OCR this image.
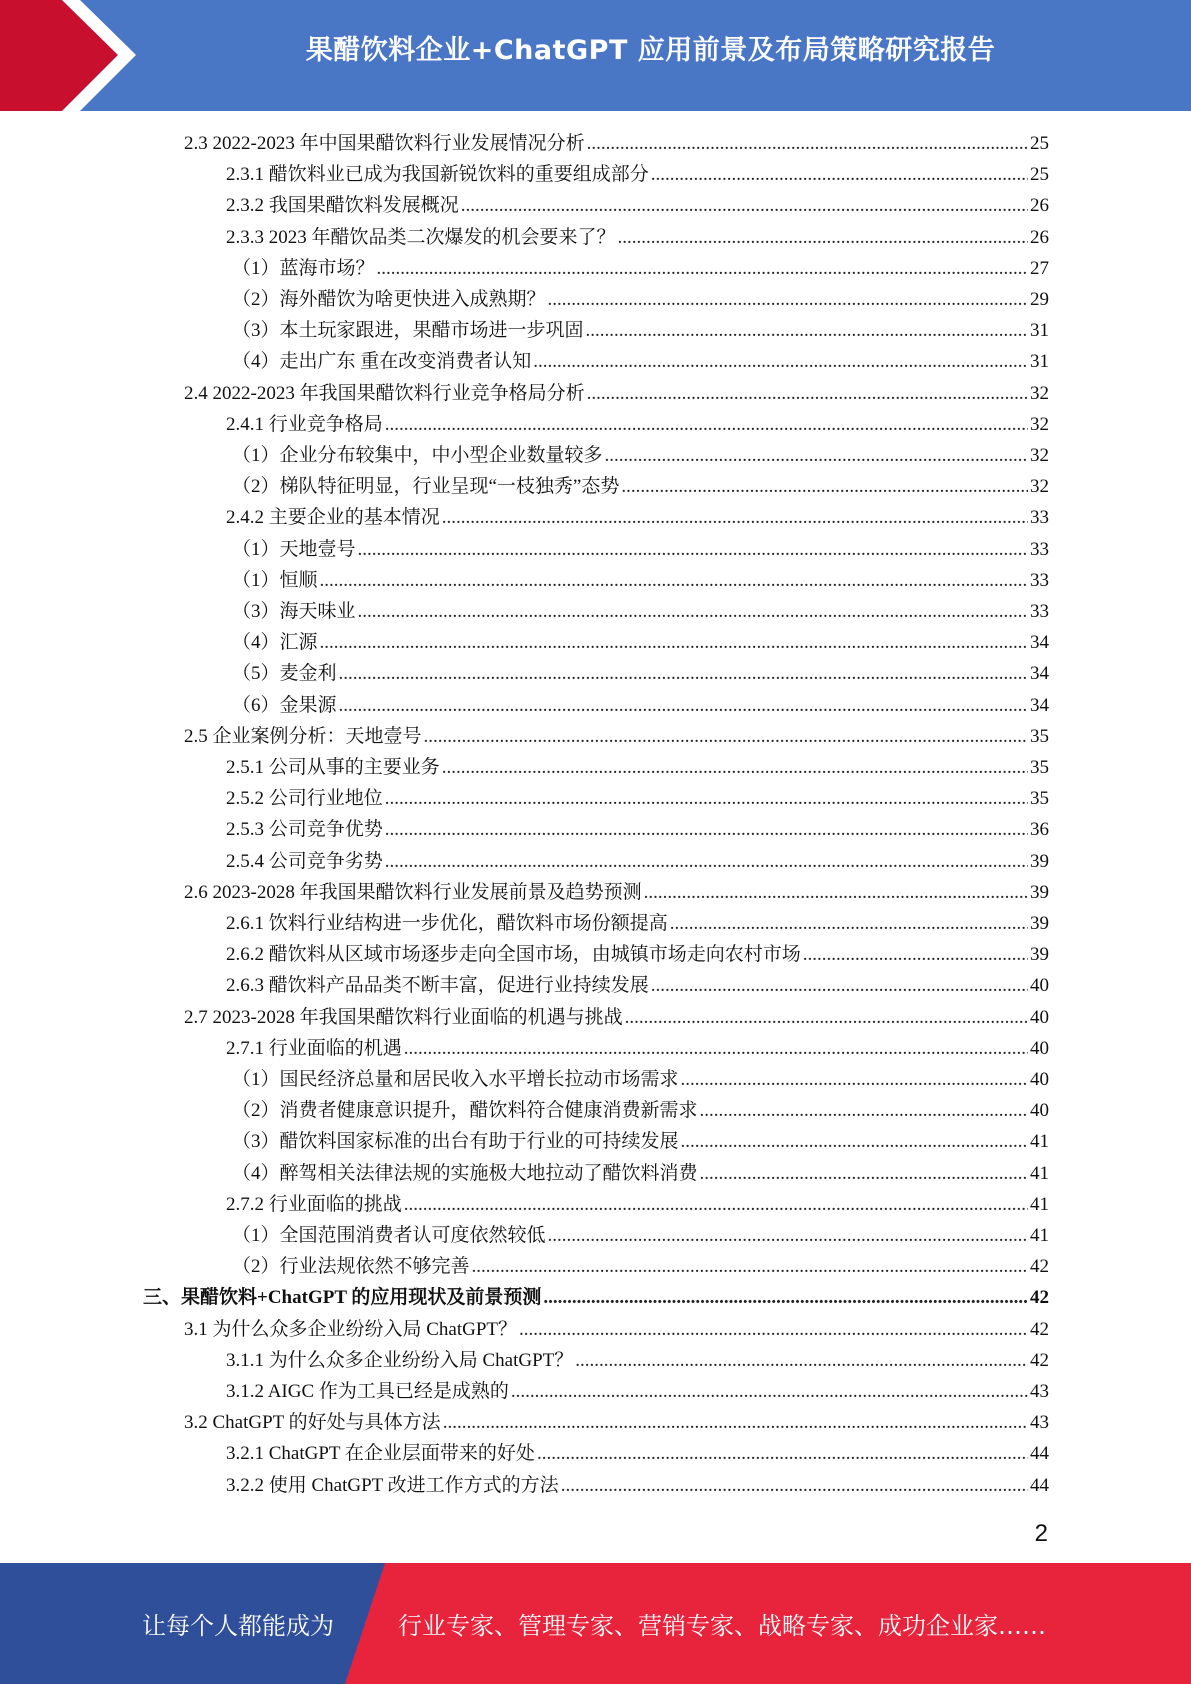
果醋饮料企业+ChatGPT 应用前景及布局策略研究报告
2.3 2022-2023 年中国果醋饮料行业发展情况分析 .....	25
2.3.1 醋饮料业已成为我国新锐饮料的重要组成部分 .....	25
2.3.2 我国果醋饮料发展概况 .....	26
2.3.3 2023 年醋饮品类二次爆发的机会要来了？ .....	26
（1）蓝海市场？ .....	27
（2）海外醋饮为啥更快进入成熟期？ .....	29
（3）本土玩家跟进，果醋市场进一步巩固 .....	31
（4）走出广东 重在改变消费者认知 .....	31
2.4 2022-2023 年我国果醋饮料行业竞争格局分析 .....	32
2.4.1 行业竞争格局 .....	32
（1）企业分布较集中，中小型企业数量较多 .....	32
（2）梯队特征明显，行业呈现“一枝独秀”态势 .....	32
2.4.2 主要企业的基本情况 .....	33
（1）天地壹号 .....	33
（1）恒顺 .....	33
（3）海天味业 .....	33
（4）汇源 .....	34
（5）麦金利 .....	34
（6）金果源 .....	34
2.5 企业案例分析：天地壹号 .....	35
2.5.1 公司从事的主要业务 .....	35
2.5.2 公司行业地位 .....	35
2.5.3 公司竞争优势 .....	36
2.5.4 公司竞争劣势 .....	39
2.6 2023-2028 年我国果醋饮料行业发展前景及趋势预测 .....	39
2.6.1 饮料行业结构进一步优化，醋饮料市场份额提高 .....	39
2.6.2 醋饮料从区域市场逐步走向全国市场，由城镇市场走向农村市场 .....	39
2.6.3 醋饮料产品品类不断丰富，促进行业持续发展 .....	40
2.7 2023-2028 年我国果醋饮料行业面临的机遇与挑战 .....	40
2.7.1 行业面临的机遇 .....	40
（1）国民经济总量和居民收入水平增长拉动市场需求 .....	40
（2）消费者健康意识提升，醋饮料符合健康消费新需求 .....	40
（3）醋饮料国家标准的出台有助于行业的可持续发展 .....	41
（4）醉驾相关法律法规的实施极大地拉动了醋饮料消费 .....	41
2.7.2 行业面临的挑战 .....	41
（1）全国范围消费者认可度依然较低 .....	41
（2）行业法规依然不够完善 .....	42
三、果醋饮料+ChatGPT 的应用现状及前景预测 .....	42
3.1 为什么众多企业纷纷入局 ChatGPT？ .....	42
3.1.1 为什么众多企业纷纷入局 ChatGPT？ .....	42
3.1.2 AIGC 作为工具已经是成熟的 .....	43
3.2 ChatGPT 的好处与具体方法 .....	43
3.2.1 ChatGPT 在企业层面带来的好处 .....	44
3.2.2 使用 ChatGPT 改进工作方式的方法 .....	44
2
让每个人都能成为	行业专家、管理专家、营销专家、战略专家、成功企业家……
